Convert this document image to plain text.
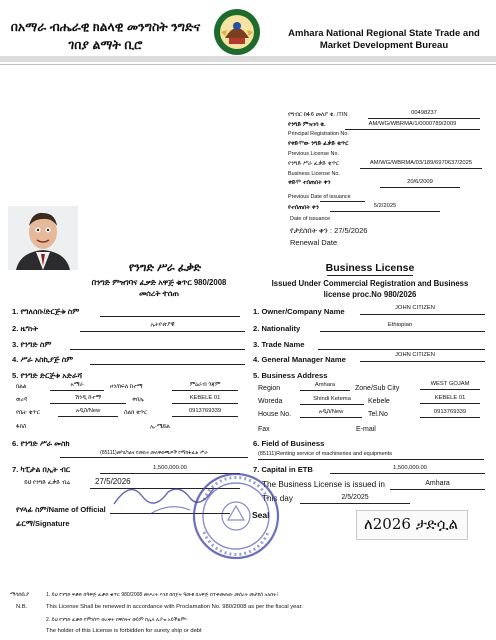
በአማራ ብሔራዊ ክልላዊ መንግስት ንግድና ገበያ ልማት ቢሮ
Amhara National Regional State Trade and Market Development Bureau
የግብር ከፋይ መለያ ቁ. /TIN	00498237
የንግድ ምዝገባ ቁ.	AM/WG/WBRMA/1/0000789/2009
Principal Registration No.
የቀድሞው ንግድ ፈቃድ ቁጥር
Previous License No.
የንግድ ሥራ ፈቃድ ቁጥር	AM/WG/WBRMA/03/189/6970637/2025
Business License No.
ቀድሞ ተሰጠበት ቀን	20/6/2009
Previous Date of issuance
የተሰጠበት ቀን	5/2/2025
Date of issuance
የታደሰበት ቀን : 27/5/2026
Renewal Date
የንግድ ሥራ ፈቃድ
በንግድ ምዝገባና ፈቃድ አዋጅ ቁጥር 980/2008
መሰረት ተሰጠ
Business License
Issued Under Commercial Registration and Business
license proc.No 980/2026
1. የግለሰቡ/ድርጅቱ ስም
2. ዜግነት	ኢትዮጵያዊ
3. የንግድ ስም
4. ሥራ አስኪያጅ ስም
5. የንግድ ድርጅቱ አድራሻ
ክልል	አማራ	ዞን/ክፍለ ከተማ	ምዕራብ ጎጃም
ወረዳ	ሽንዲ ከተማ	ቀበሌ	KEBELE 01
የቤት ቁጥር	አዲስ/New	ስልክ ቁጥር	0913769339
ፋክስ	ኢ-ሜይል
6. የንግድ ሥራ መስክ
(85111)መካኒካልና የመኪና መለዋወጫዎች የማከፋፈል ሥራ
7. ካፒታል በኢት ብር	1,500,000.00
ይህ የንግድ ፈቃድ ብሬ	27/5/2026
የሃላፊ ስም/Name of Official
ፊርማ/Signature
1. Owner/Company Name	JOHN CITIZEN
2. Nationality	Ethiopian
3. Trade Name
4. General Manager Name	JOHN CITIZEN
5. Business Address
Region	Amhara	Zone/Sub City
WEST GOJAM
Woreda	Shindi Ketema	Kebele	KEBELE 01
House No.	አዲስ/New	Tel.No	0913769339
Fax	E-mail
6. Field of Business
(85111)Renting service of machineries and equipments
7. Capital in ETB	1,500,000.00
The Business License is issued in	Amhara
This day	2/5/2025
Seal	ለ2026 ታድሷል
ማሳሰቢያ	1. ይህ የንግድ ፍቃድ በዓዋጅ ፈቃድ ቁጥር 980/2008 መሠረት እንደ በበጀት ዓመቱ በአዋጅ በተቀመጠው መሰረት መታደስ አለበት፣
N.B.	This License Shall be renewed in accordance with Proclamation No. 980/2008 as per the fiscal year.
2. ይህ የንግድ ፈቃድ የምነሰጥ ወረቀት በዋስትና ወይም በሌላ ሊያዝ አይችልም፡፡
The holder of this License is forbidden for surety ship or debt
